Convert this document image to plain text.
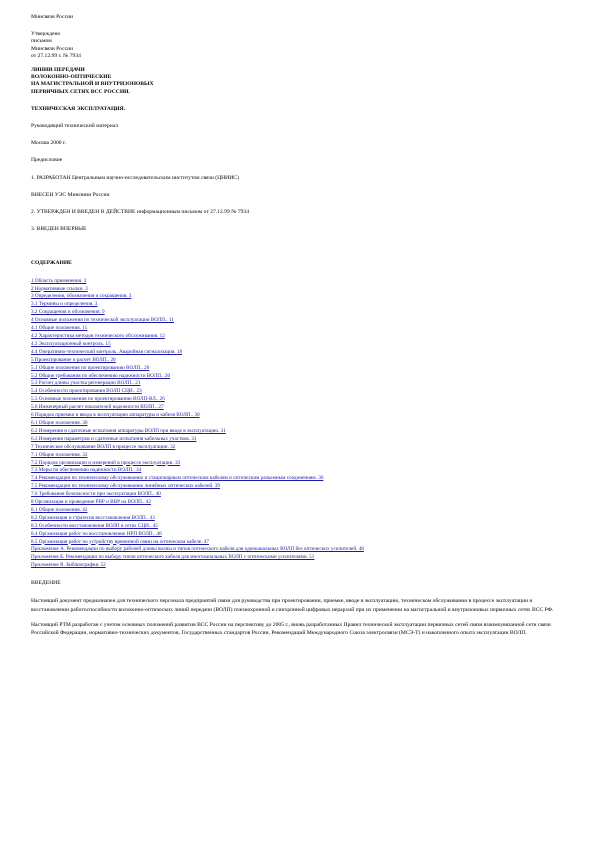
Минсвязи России

Утверждено

письмом

Минсвязи России

от 27.12.99 г. № 7934

ЛИНИИ ПЕРЕДАЧИ

ВОЛОКОННО-ОПТИЧЕСКИЕ

НА МАГИСТРАЛЬНОЙ И ВНУТРИЗОНОВЫХ

ПЕРВИЧНЫХ СЕТЯХ ВСС РОССИИ.

ТЕХНИЧЕСКАЯ ЭКСПЛУАТАЦИЯ.

Руководящий технический материал

Москва 2000 г.

Предисловие

1. РАЗРАБОТАН Центральным научно-исследовательским институтом связи (ЦНИИС)

ВНЕСЕН УЭС Минсвязи России

2. УТВЕРЖДЕН И ВВЕДЕН В ДЕЙСТВИЕ информационным письмом от 27.12.99 № 7934

3. ВВЕДЕН ВПЕРВЫЕ

СОДЕРЖАНИЕ

1 Область применения. 3
2 Нормативные ссылки. 3
3 Определения, обозначения и сокращения. 3
3.1 Термины и определения. 3
3.2 Сокращения и обозначения. 9
4 Основные положения по технической эксплуатации ВОЛП.. 11
4.1 Общие положения. 11
4.2 Характеристика методов технического обслуживания. 12
4.3 Эксплуатационный контроль. 15
4.4 Оперативно-технический контроль. Аварийная сигнализация. 18
5 Проектирование и расчет ВОЛП.. 20
5.1 Общие положения по проектированию ВОЛП.. 20
5.2 Общие требования по обеспечению надежности ВОЛП.. 20
5.3 Расчет длины участка регенерации ВОЛП.. 21
5.4 Особенности проектирования ВОЛП СЦИ.. 23
5.5 Основные положения по проектированию ВОЛП-ВЛ.. 26
5.6 Инженерный расчет показателей надежности ВОЛП.. 27
6 Порядок приемки и ввода в эксплуатацию аппаратуры и кабеля ВОЛП.. 30
6.1 Общие положения. 30
6.2 Измерения и сдаточные испытания аппаратуры ВОЛП при вводе в эксплуатацию. 31
6.3 Измерения параметров и сдаточные испытания кабельных участков. 31
7 Техническое обслуживание ВОЛП в процессе эксплуатации. 32
7.1 Общие положения. 32
7.2 Порядок организации и измерений в процессе эксплуатации. 33
7.3 Меры по обеспечению надежности ВОЛП.. 34
7.4 Рекомендации по техническому обслуживанию и стационарным оптическим кабелям и оптическим разъемным соединениям. 36
7.5 Рекомендации по техническому обслуживанию линейных оптических кабелей. 39
7.6 Требования безопасности при эксплуатации ВОЛП.. 40
8 Организация и проведение РВР и ВВР на ВОЛП.. 42
8.1 Общие положения. 42
8.2 Организация и стратегия восстановления ВОЛП.. 43
8.3 Особенности восстановления ВОЛП в сетях СЦИ.. 45
8.4 Организация работ по восстановлению НРП ВОЛП.. 46
8.5 Организация работ по устройству временной связи на оптическом кабеле. 47
Приложение А. Рекомендации по выбору рабочей длины волны и типов оптического кабеля для одноканальных ВОЛП без оптических усилителей. 48
Приложение Б. Рекомендации по выбору типов оптического кабеля для многоканальных ВОЛП с оптическими усилителями. 51
Приложение В. Библиография. 52

ВВЕДЕНИЕ

Настоящий документ предназначен для технического персонала предприятий связи для руководства при проектировании, приемке, вводе в эксплуатацию, техническом обслуживании в процессе эксплуатации и восстановлении работоспособности волоконно-оптических линий передачи (ВОЛП) плезиохронной и синхронной цифровых иерархий при их применении на магистральной и внутризоновых первичных сетях ВСС РФ.

Настоящий РТМ разработан с учетом основных положений развития ВСС России на перспективу до 2005 г., вновь разработанных Правил технической эксплуатации первичных сетей связи взаимоувязанной сети связи Российской Федерации, нормативно-технических документов, Государственных стандартов России, Рекомендаций Международного Союза электросвязи (МСЭ-Т) и накопленного опыта эксплуатации ВОЛП.
